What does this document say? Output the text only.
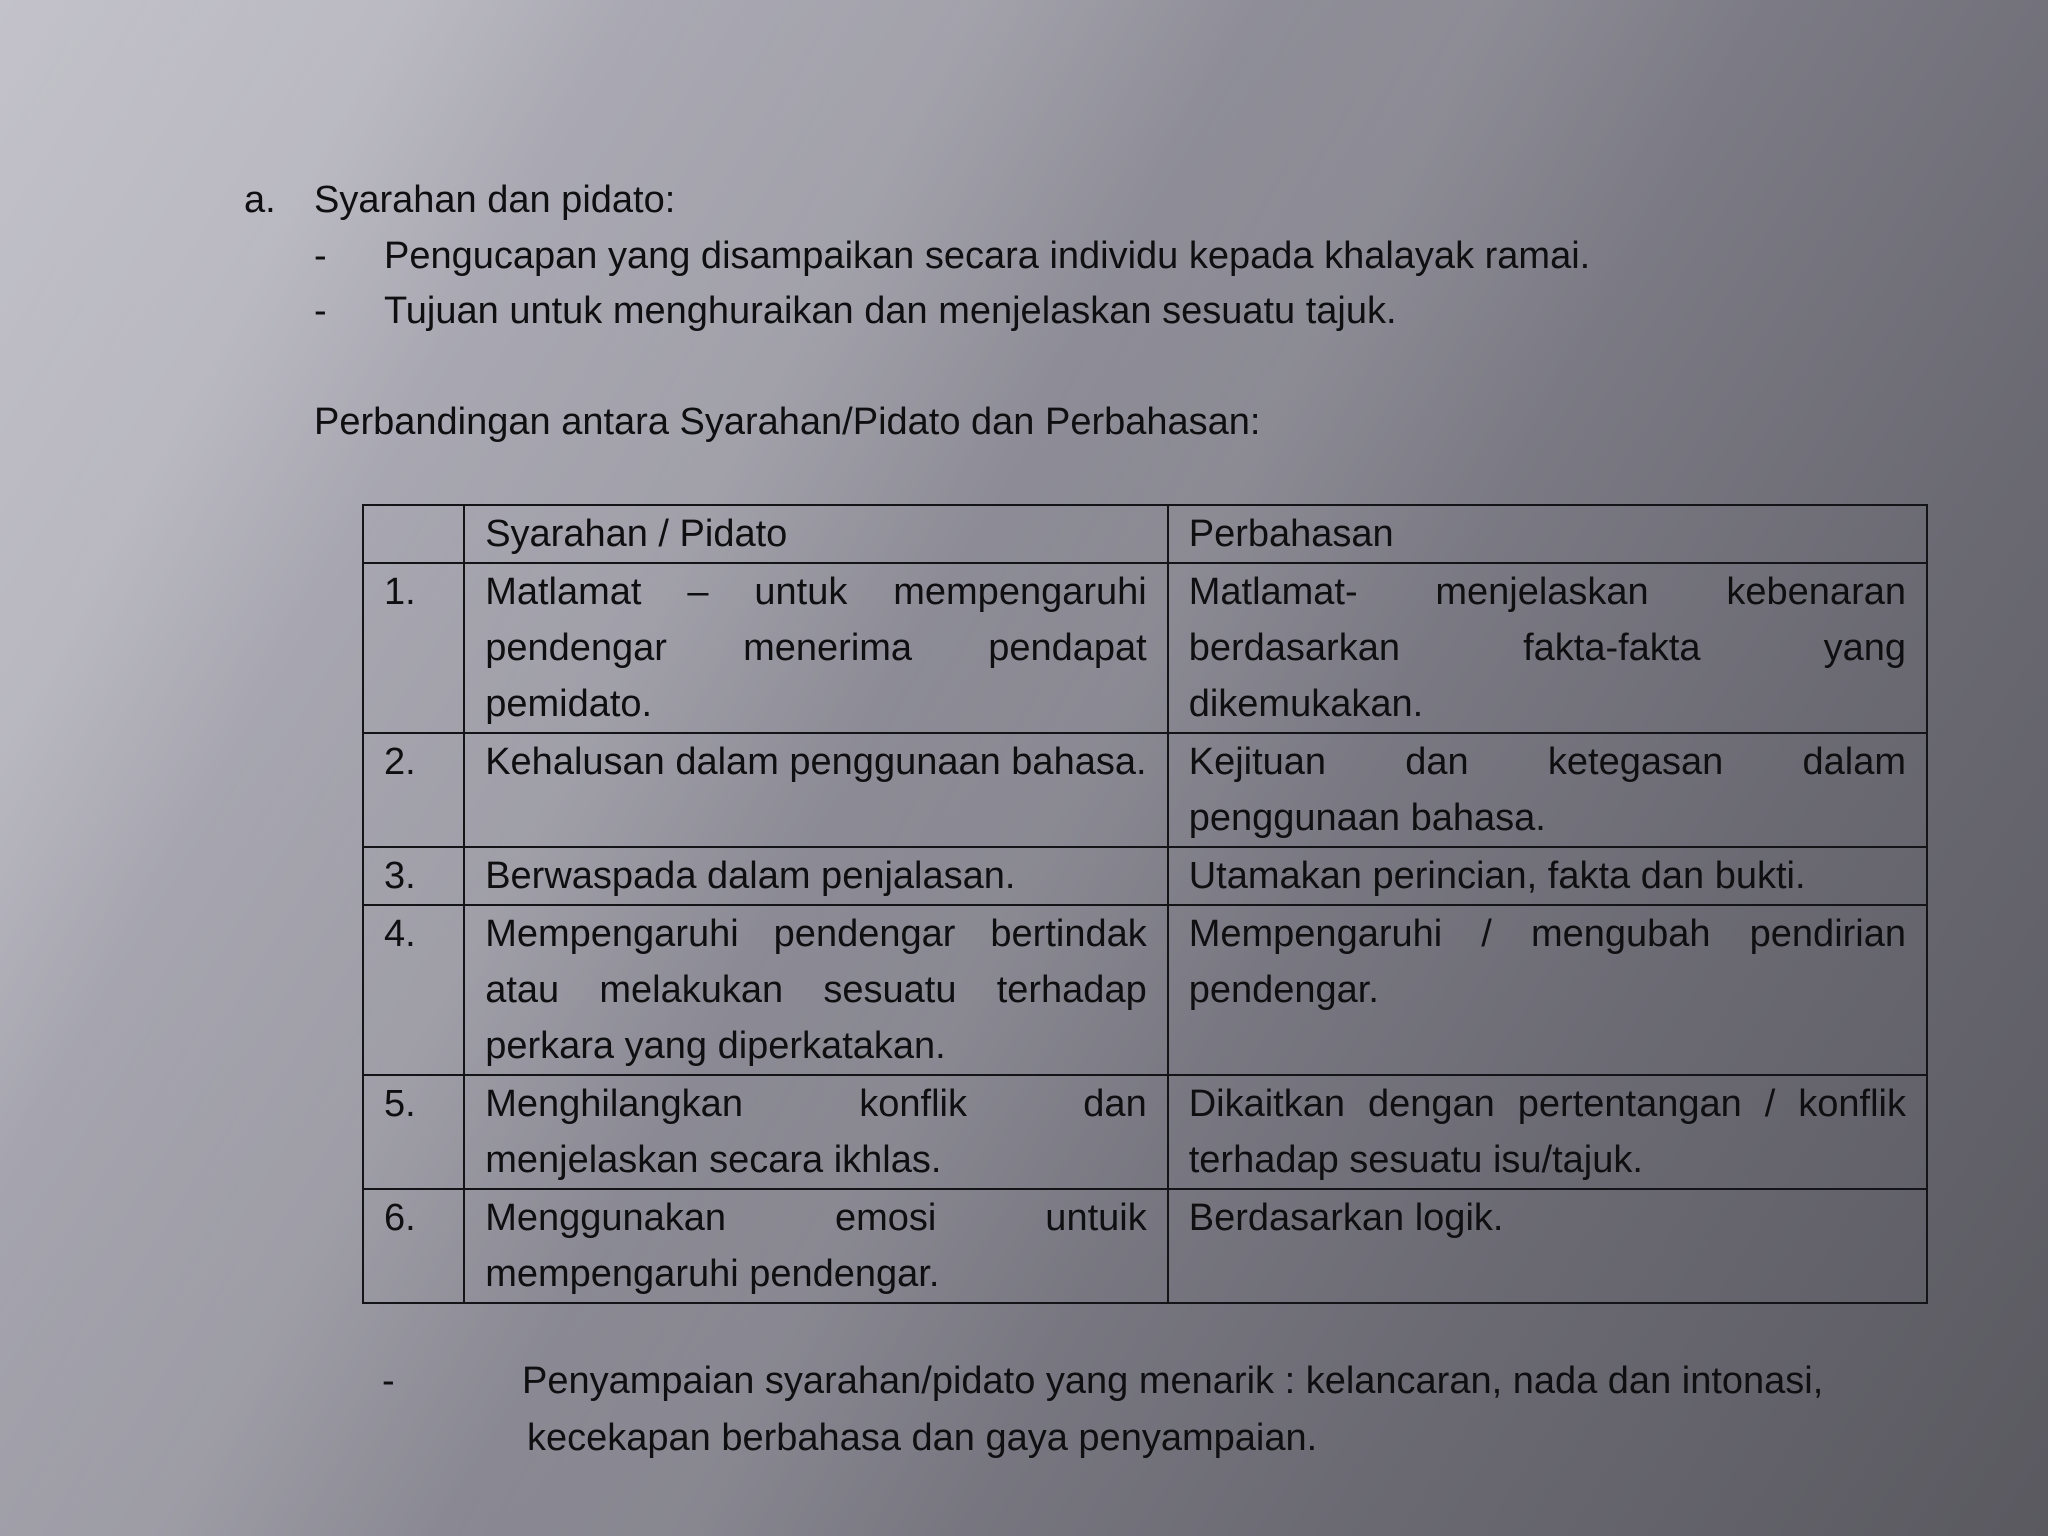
a. Syarahan dan pidato:
- Pengucapan yang disampaikan secara individu kepada khalayak ramai.
- Tujuan untuk menghuraikan dan menjelaskan sesuatu tajuk.
Perbandingan antara Syarahan/Pidato dan Perbahasan:
	Syarahan / Pidato	Perbahasan
1.	Matlamat – untuk mempengaruhi pendengar menerima pendapat pemidato.	Matlamat- menjelaskan kebenaran berdasarkan fakta-fakta yang dikemukakan.
2.	Kehalusan dalam penggunaan bahasa.	Kejituan dan ketegasan dalam penggunaan bahasa.
3.	Berwaspada dalam penjalasan.	Utamakan perincian, fakta dan bukti.
4.	Mempengaruhi pendengar bertindak atau melakukan sesuatu terhadap perkara yang diperkatakan.	Mempengaruhi / mengubah pendirian pendengar.
5.	Menghilangkan konflik dan menjelaskan secara ikhlas.	Dikaitkan dengan pertentangan / konflik terhadap sesuatu isu/tajuk.
6.	Menggunakan emosi untuik mempengaruhi pendengar.	Berdasarkan logik.
-	Penyampaian syarahan/pidato yang menarik : kelancaran, nada dan intonasi,
kecekapan berbahasa dan gaya penyampaian.
